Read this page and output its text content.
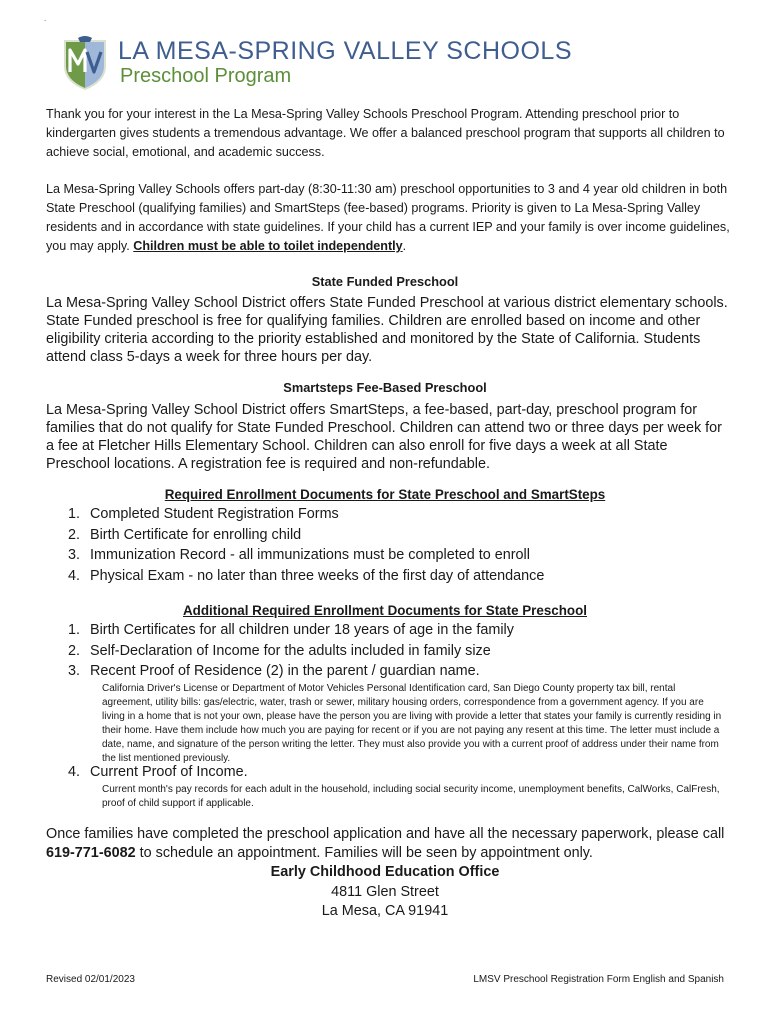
.
LA MESA-SPRING VALLEY SCHOOLS
Preschool Program

Thank you for your interest in the La Mesa-Spring Valley Schools Preschool Program. Attending preschool prior to kindergarten gives students a tremendous advantage. We offer a balanced preschool program that supports all children to achieve social, emotional, and academic success.

La Mesa-Spring Valley Schools offers part-day (8:30-11:30 am) preschool opportunities to 3 and 4 year old children in both State Preschool (qualifying families) and SmartSteps (fee-based) programs. Priority is given to La Mesa-Spring Valley residents and in accordance with state guidelines. If your child has a current IEP and your family is over income guidelines, you may apply. Children must be able to toilet independently.

State Funded Preschool

La Mesa-Spring Valley School District offers State Funded Preschool at various district elementary schools. State Funded preschool is free for qualifying families. Children are enrolled based on income and other eligibility criteria according to the priority established and monitored by the State of California. Students attend class 5-days a week for three hours per day.

Smartsteps Fee-Based Preschool

La Mesa-Spring Valley School District offers SmartSteps, a fee-based, part-day, preschool program for families that do not qualify for State Funded Preschool. Children can attend two or three days per week for a fee at Fletcher Hills Elementary School. Children can also enroll for five days a week at all State Preschool locations. A registration fee is required and non-refundable.

Required Enrollment Documents for State Preschool and SmartSteps
1. Completed Student Registration Forms
2. Birth Certificate for enrolling child
3. Immunization Record - all immunizations must be completed to enroll
4. Physical Exam - no later than three weeks of the first day of attendance
Additional Required Enrollment Documents for State Preschool
1. Birth Certificates for all children under 18 years of age in the family
2. Self-Declaration of Income for the adults included in family size
3. Recent Proof of Residence (2) in the parent / guardian name.

California Driver's License or Department of Motor Vehicles Personal Identification card, San Diego County property tax bill, rental agreement, utility bills: gas/electric, water, trash or sewer, military housing orders, correspondence from a government agency. If you are living in a home that is not your own, please have the person you are living with provide a letter that states your family is currently residing in their home. Have them include how much you are paying for recent or if you are not paying any resent at this time. The letter must include a date, name, and signature of the person writing the letter. They must also provide you with a current proof of address under their name from the list mentioned previously.

4. Current Proof of Income.

Current month's pay records for each adult in the household, including social security income, unemployment benefits, CalWorks, CalFresh, proof of child support if applicable.

Once families have completed the preschool application and have all the necessary paperwork, please call 619-771-6082 to schedule an appointment. Families will be seen by appointment only.

Early Childhood Education Office
4811 Glen Street
La Mesa, CA 91941
Revised 02/01/2023	LMSV Preschool Registration Form English and Spanish
